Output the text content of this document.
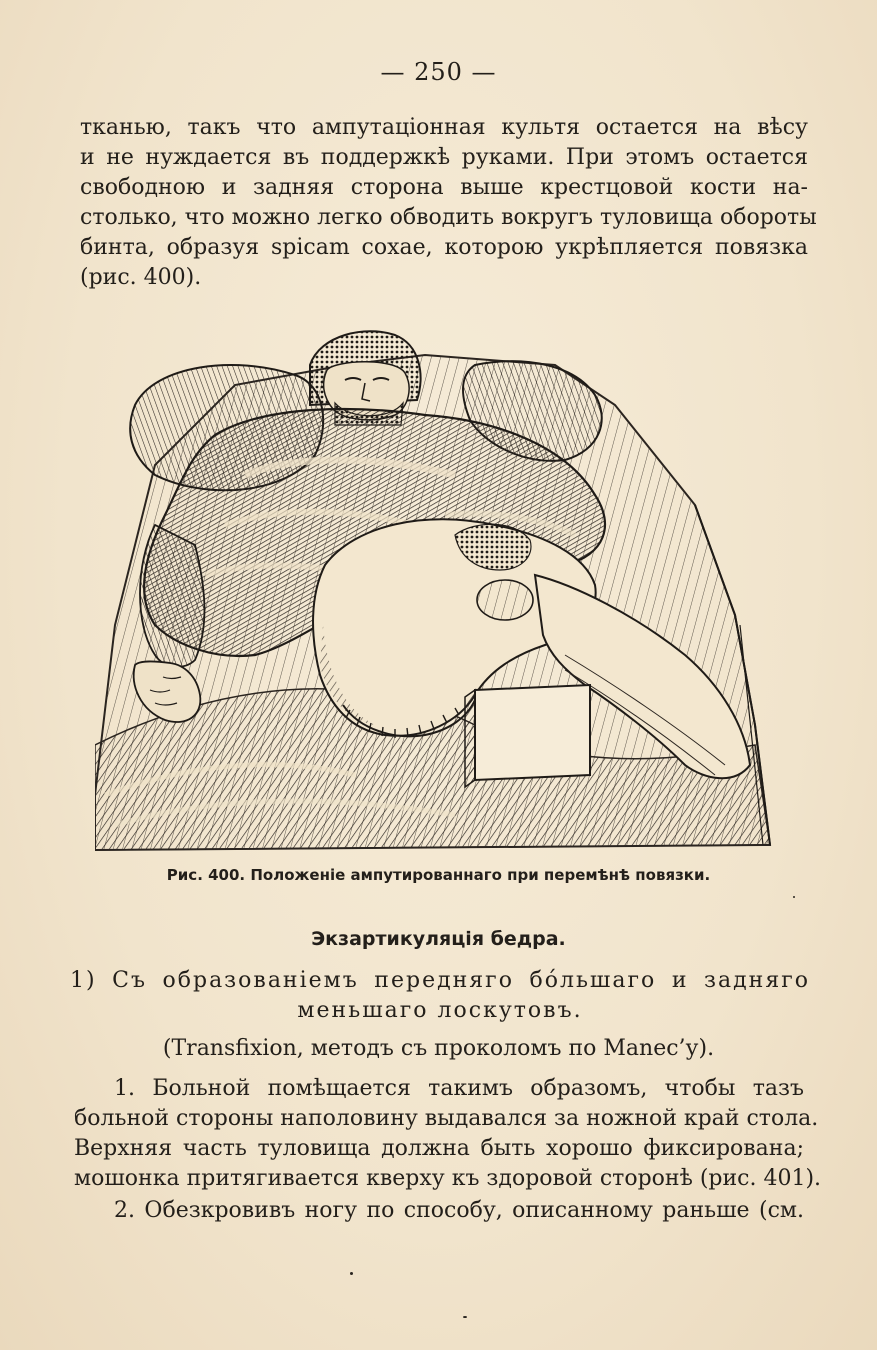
— 250 —
тканью, такъ что ампутаціонная культя остается на вѣсу
и не нуждается въ поддержкѣ руками. При этомъ остается
свободною и задняя сторона выше крестцовой кости на-
столько, что можно легко обводить вокругъ туловища обороты
бинта, образуя spicam coxae, которою укрѣпляется повязка
(рис. 400).
Рис. 400. Положеніе ампутированнаго при перемѣнѣ повязки.
Экзартикуляція бедра.
1) Съ образованіемъ передняго бо́льшаго и задняго
меньшаго лоскутовъ.
(Transfixion, методъ съ проколомъ по Manec’у).
1. Больной помѣщается такимъ образомъ, чтобы тазъ
больной стороны наполовину выдавался за ножной край стола.
Верхняя часть туловища должна быть хорошо фиксирована;
мошонка притягивается кверху къ здоровой сторонѣ (рис. 401).
2. Обезкровивъ ногу по способу, описанному раньше (см.
